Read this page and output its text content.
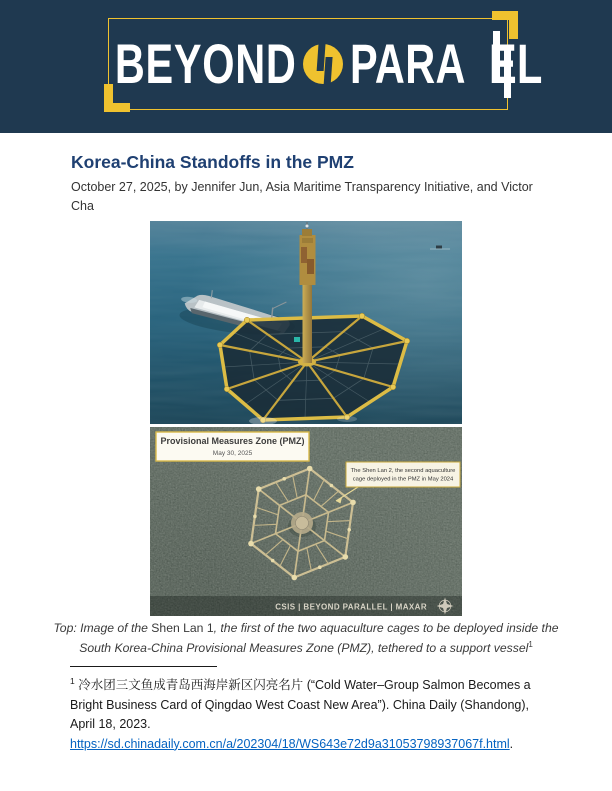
BEYOND PARA EL
Korea-China Standoffs in the PMZ

October 27, 2025, by Jennifer Jun, Asia Maritime Transparency Initiative, and Victor Cha

Provisional Measures Zone (PMZ)
May 30, 2025
The Shen Lan 2, the second aquaculture
cage deployed in the PMZ in May 2024
CSIS | BEYOND PARALLEL | MAXAR

Top: Image of the Shen Lan 1, the first of the two aquaculture cages to be deployed inside the South Korea-China Provisional Measures Zone (PMZ), tethered to a support vessel$^1$

$^1$ 冷水团三文鱼成青岛西海岸新区闪亮名片 (“Cold Water–Group Salmon Becomes a Bright Business Card of Qingdao West Coast New Area”). China Daily (Shandong), April 18, 2023. https://sd.chinadaily.com.cn/a/202304/18/WS643e72d9a31053798937067f.html.
